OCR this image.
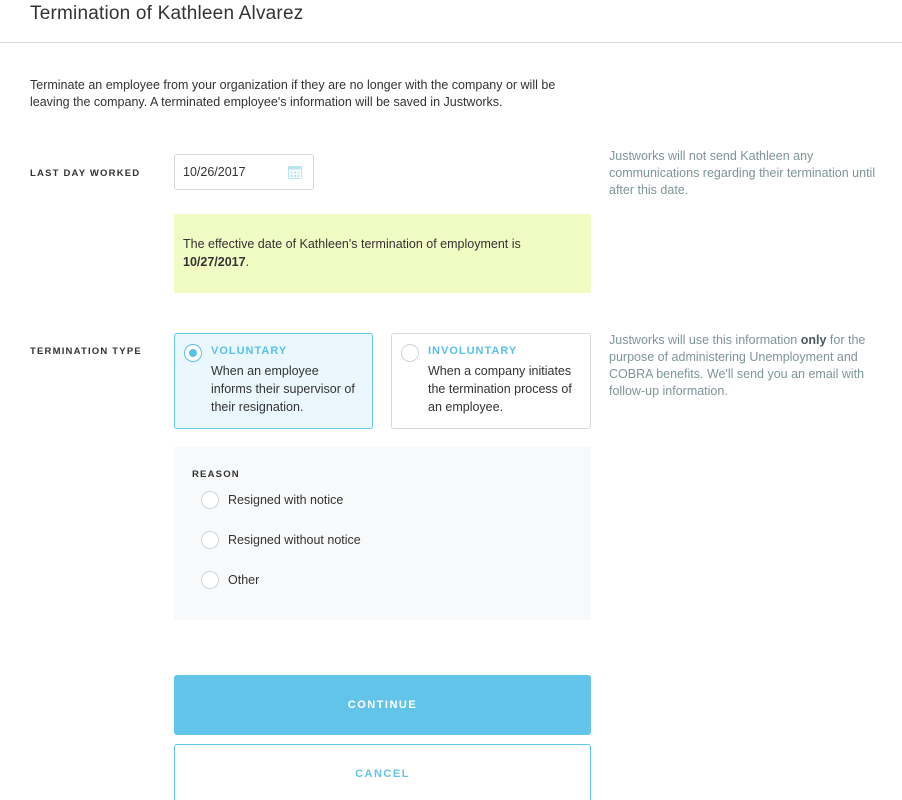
Termination of Kathleen Alvarez

Terminate an employee from your organization if they are no longer with the company or will be leaving the company. A terminated employee's information will be saved in Justworks.

LAST DAY WORKED	10/26/2017

Justworks will not send Kathleen any communications regarding their termination until after this date.

The effective date of Kathleen's termination of employment is 10/27/2017.
TERMINATION TYPE	VOLUNTARY
When an employee informs their supervisor of their resignation.
INVOLUNTARY
When a company initiates the termination process of an employee.

Justworks will use this information only for the purpose of administering Unemployment and COBRA benefits. We'll send you an email with follow-up information.

REASON
Resigned with notice
Resigned without notice
Other
CONTINUE
CANCEL
